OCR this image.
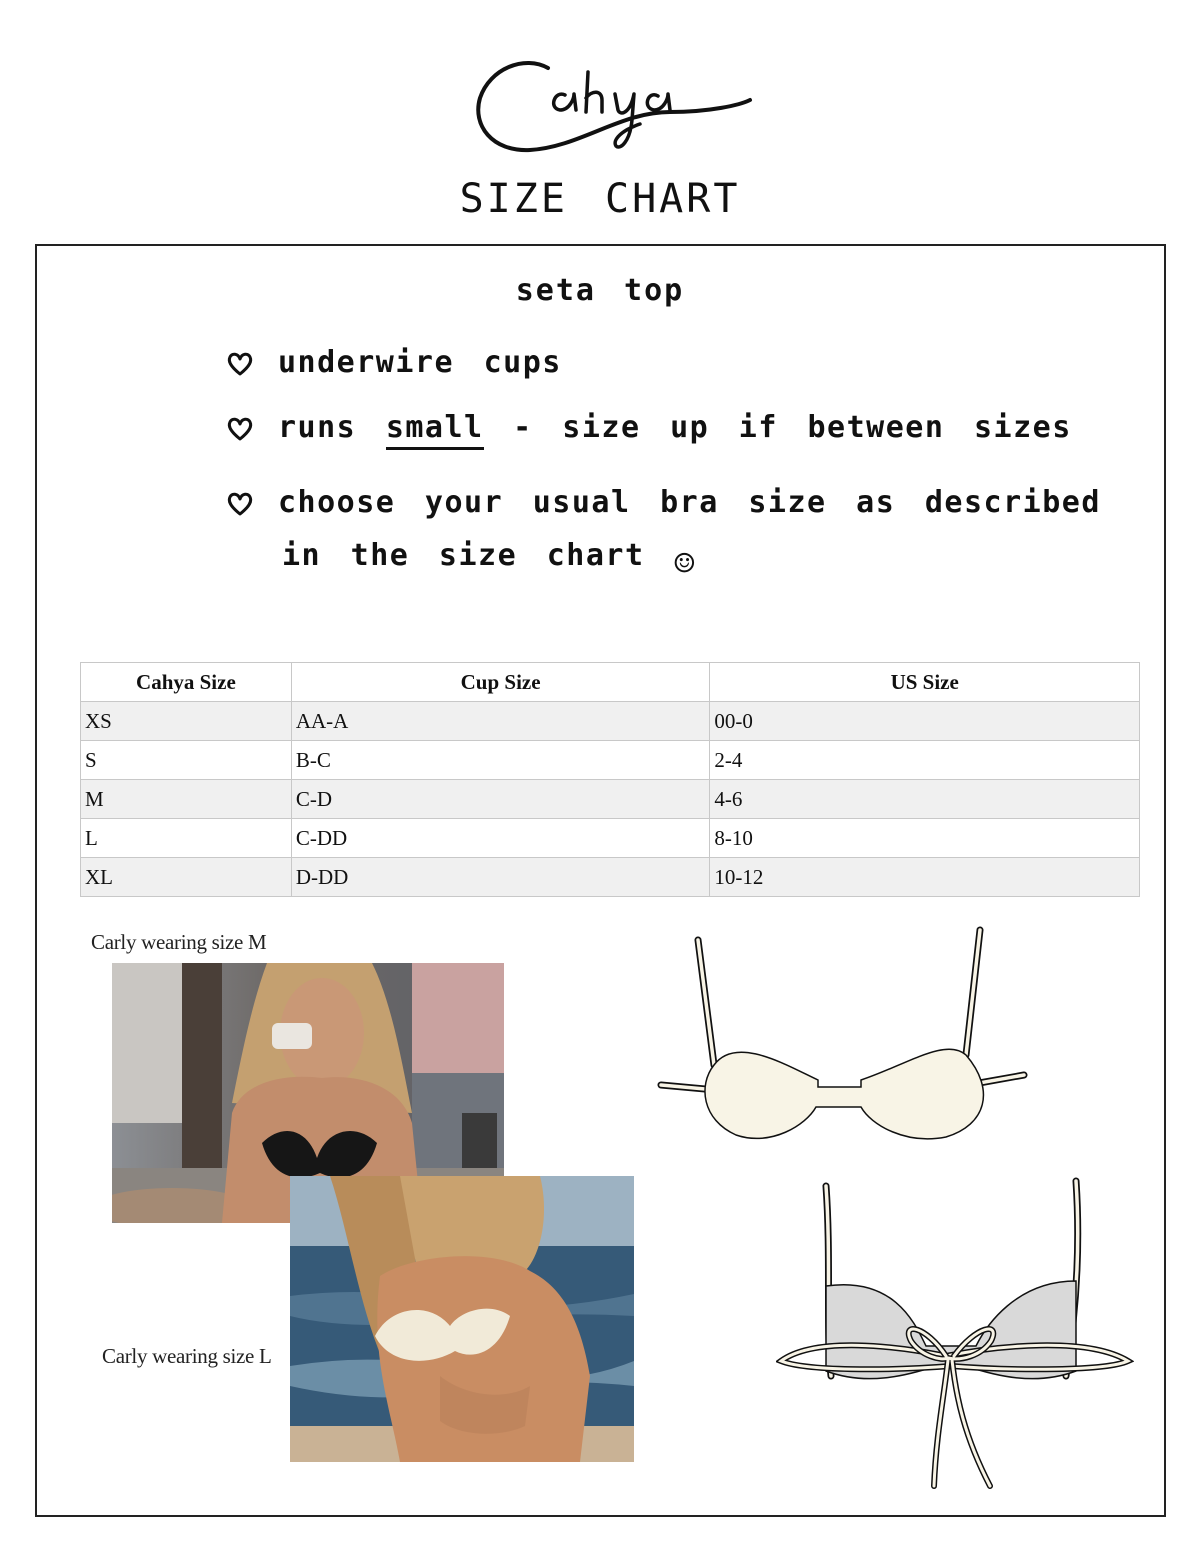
SIZE CHART
seta top
underwire cups
runs small - size up if between sizes
choose your usual bra size as described
in the size chart ☺
Cahya Size	Cup Size	US Size
XS	AA-A	00-0
S	B-C	2-4
M	C-D	4-6
L	C-DD	8-10
XL	D-DD	10-12
Carly wearing size M
Carly wearing size L
